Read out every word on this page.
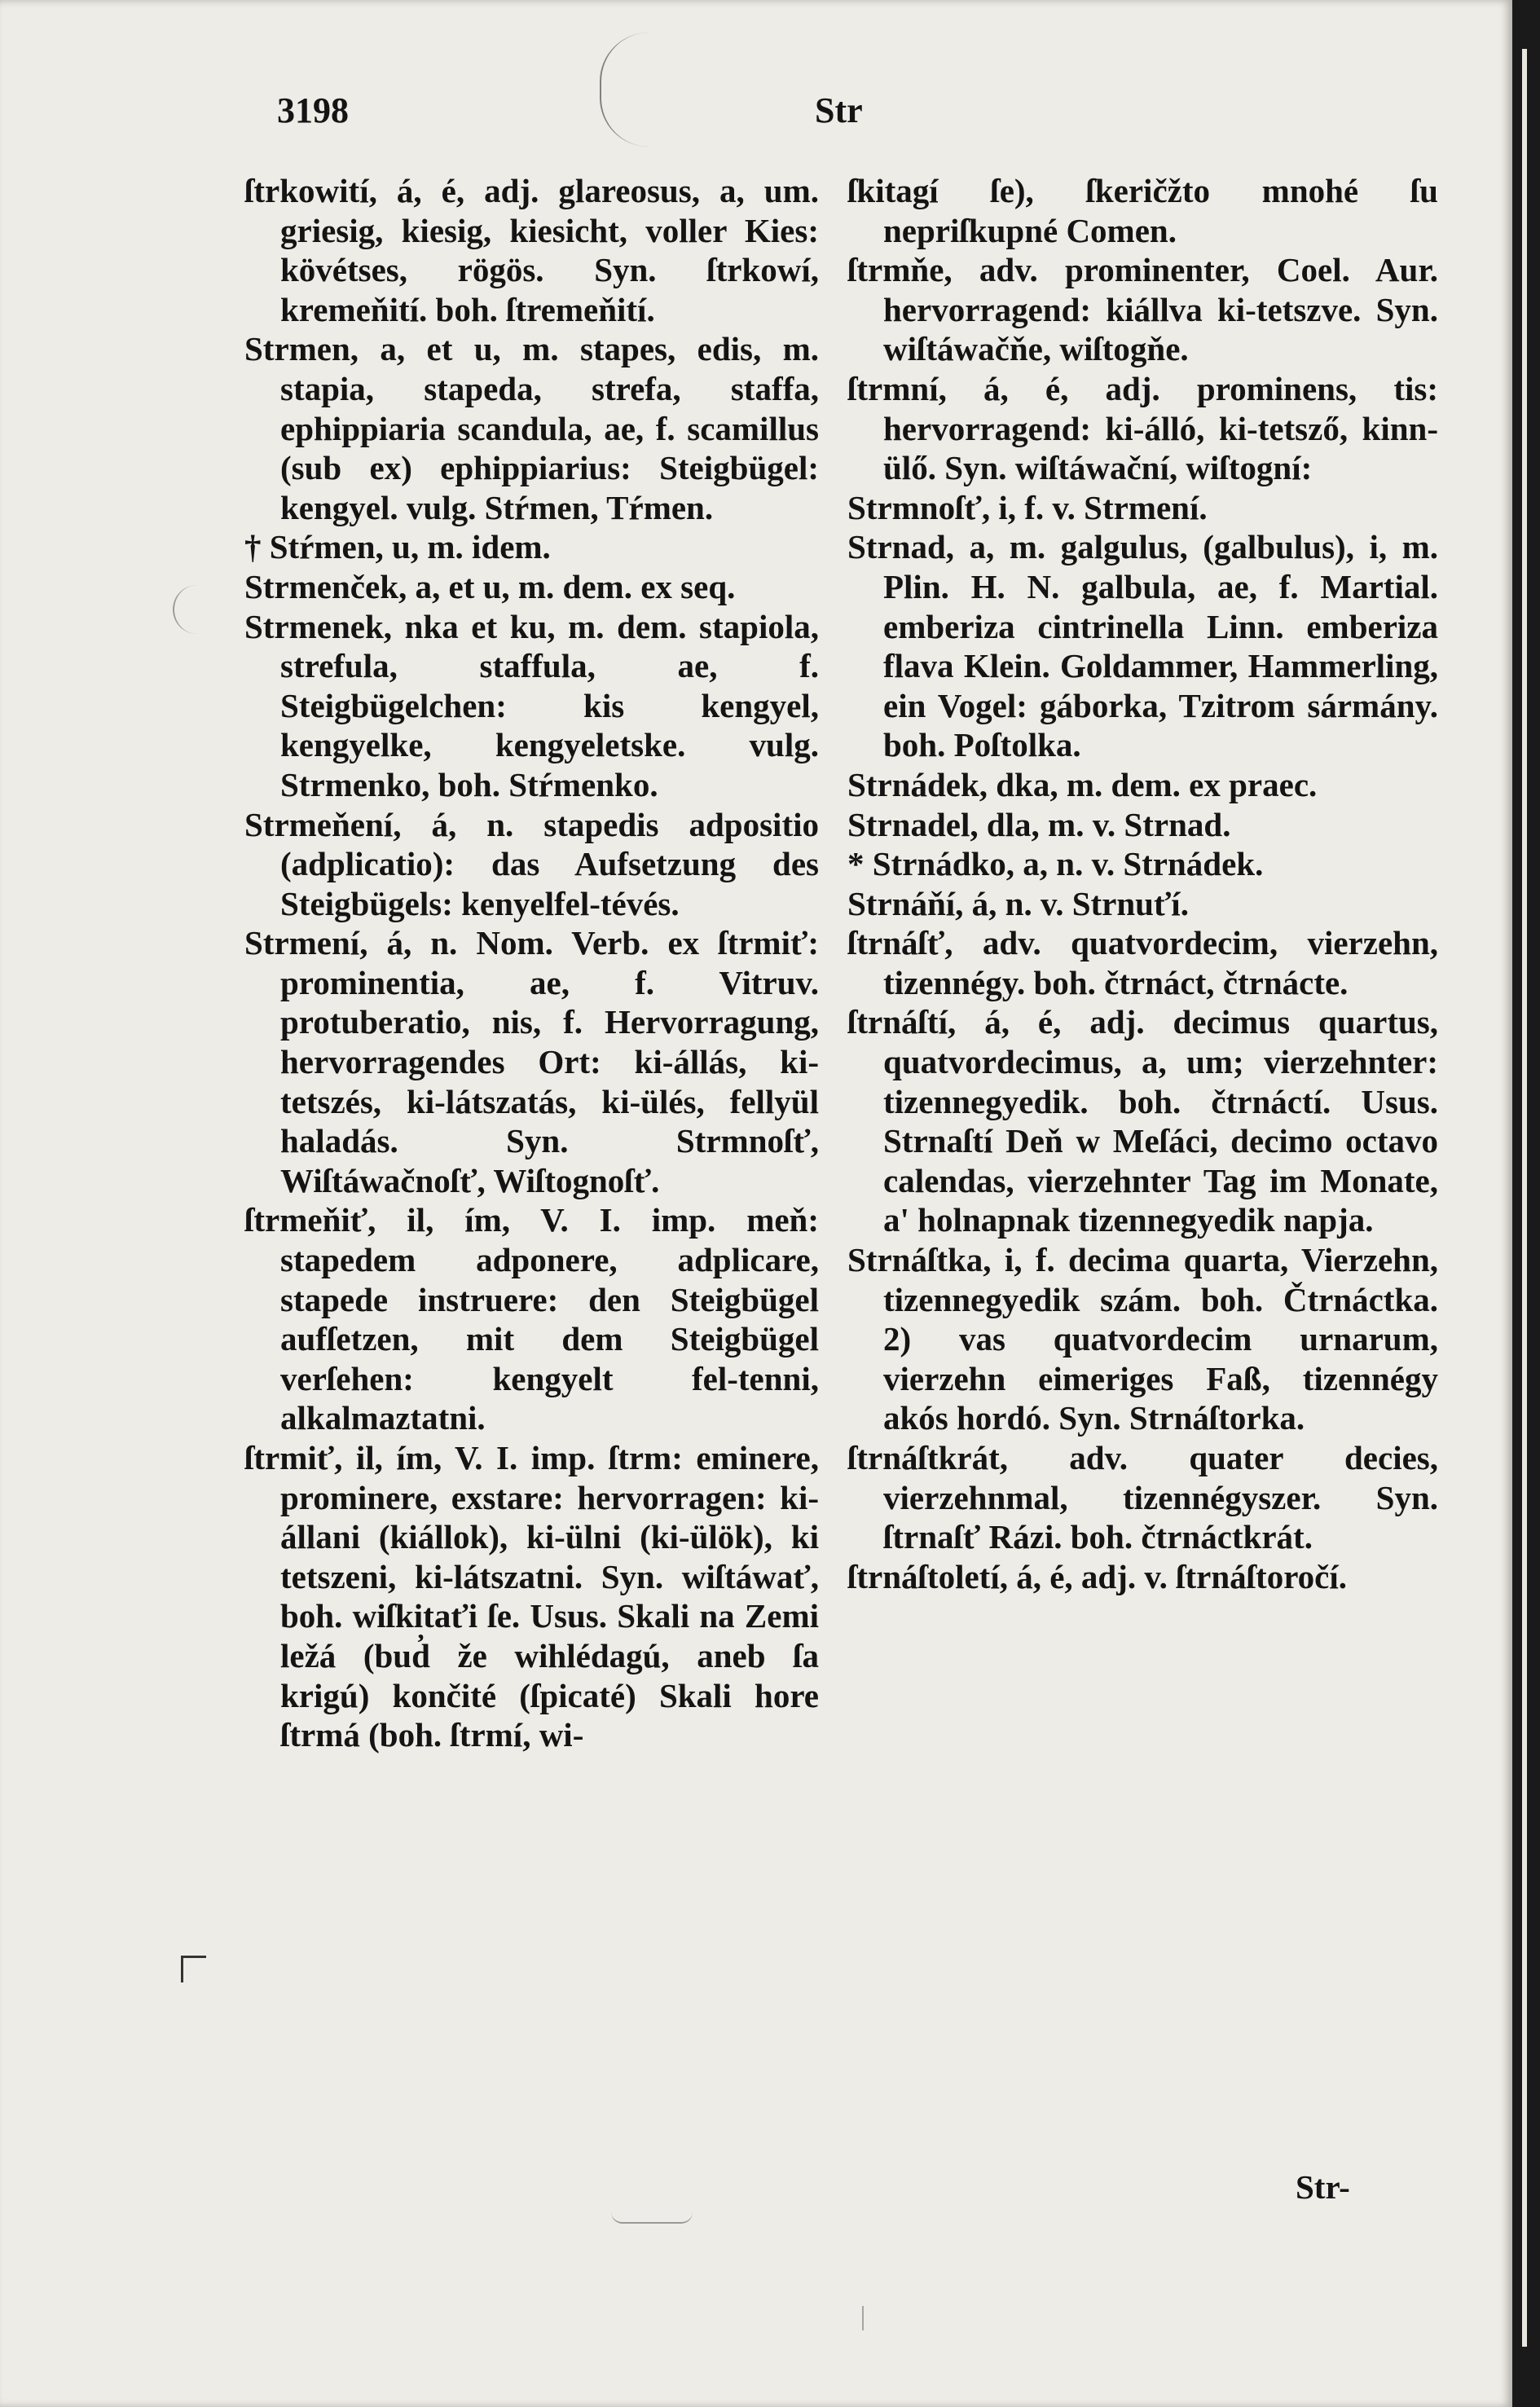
3198	Str

ſtrkowití, á, é, adj. glareosus, a, um. griesig, kiesig, kiesicht, voller Kies: kövétses, rögös. Syn. ſtrkowí, kremeňití. boh. ſtremeňití.

Strmen, a, et u, m. stapes, edis, m. stapia, stapeda, strefa, staffa, ephippiaria scandula, ae, f. scamillus (sub ex) ephippiarius: Steigbügel: kengyel. vulg. Stŕmen, Tŕmen.

† Stŕmen, u, m. idem.

Strmenček, a, et u, m. dem. ex seq.

Strmenek, nka et ku, m. dem. stapiola, strefula, staffula, ae, f. Steigbügelchen: kis kengyel, kengyelke, kengyeletske. vulg. Strmenko, boh. Stŕmenko.

Strmeňení, á, n. stapedis adpositio (adplicatio): das Aufsetzung des Steigbügels: kenyelfel-tévés.

Strmení, á, n. Nom. Verb. ex ſtrmiť: prominentia, ae, f. Vitruv. protuberatio, nis, f. Hervorragung, hervorragendes Ort: ki-állás, ki-tetszés, ki-látszatás, ki-ülés, fellyül haladás. Syn. Strmnoſť, Wiſtáwačnoſť, Wiſtognoſť.

ſtrmeňiť, il, ím, V. I. imp. meň: stapedem adponere, adplicare, stapede instruere: den Steigbügel aufſetzen, mit dem Steigbügel verſehen: kengyelt fel-tenni, alkalmaztatni.

ſtrmiť, il, ím, V. I. imp. ſtrm: eminere, prominere, exstare: hervorragen: ki-állani (kiállok), ki-ülni (ki-ülök), ki tetszeni, ki-látszatni. Syn. wiſtáwať, boh. wiſkitaťi ſe. Usus. Skali na Zemi ležá (bud̓ že wihlédagú, aneb ſa krigú) končité (ſpicaté) Skali hore ſtrmá (boh. ſtrmí, wi-

ſkitagí ſe), ſkeričžto mnohé ſu nepriſkupné Comen.

ſtrmňe, adv. prominenter, Coel. Aur. hervorragend: kiállva ki-tetszve. Syn. wiſtáwačňe, wiſtogňe.

ſtrmní, á, é, adj. prominens, tis: hervorragend: ki-álló, ki-tetsző, kinn-ülő. Syn. wiſtáwační, wiſtogní:

Strmnoſť, i, f. v. Strmení.

Strnad, a, m. galgulus, (galbulus), i, m. Plin. H. N. galbula, ae, f. Martial. emberiza cintrinella Linn. emberiza flava Klein. Goldammer, Hammerling, ein Vogel: gáborka, Tzitrom sármány. boh. Poſtolka.

Strnádek, dka, m. dem. ex praec.

Strnadel, dla, m. v. Strnad.

* Strnádko, a, n. v. Strnádek.

Strnáňí, á, n. v. Strnuťí.

ſtrnáſť, adv. quatvordecim, vierzehn, tizennégy. boh. čtrnáct, čtrnácte.

ſtrnáſtí, á, é, adj. decimus quartus, quatvordecimus, a, um; vierzehnter: tizennegyedik. boh. čtrnáctí. Usus. Strnaſtí Deň w Meſáci, decimo octavo calendas, vierzehnter Tag im Monate, a' holnapnak tizennegyedik napja.

Strnáſtka, i, f. decima quarta, Vierzehn, tizennegyedik szám. boh. Čtrnáctka. 2) vas quatvordecim urnarum, vierzehn eimeriges Faß, tizennégy akós hordó. Syn. Strnáſtorka.

ſtrnáſtkrát, adv. quater decies, vierzehnmal, tizennégyszer. Syn. ſtrnaſť Rázi. boh. čtrnáctkrát.

ſtrnáſtoletí, á, é, adj. v. ſtrnáſtoročí.

Str-
